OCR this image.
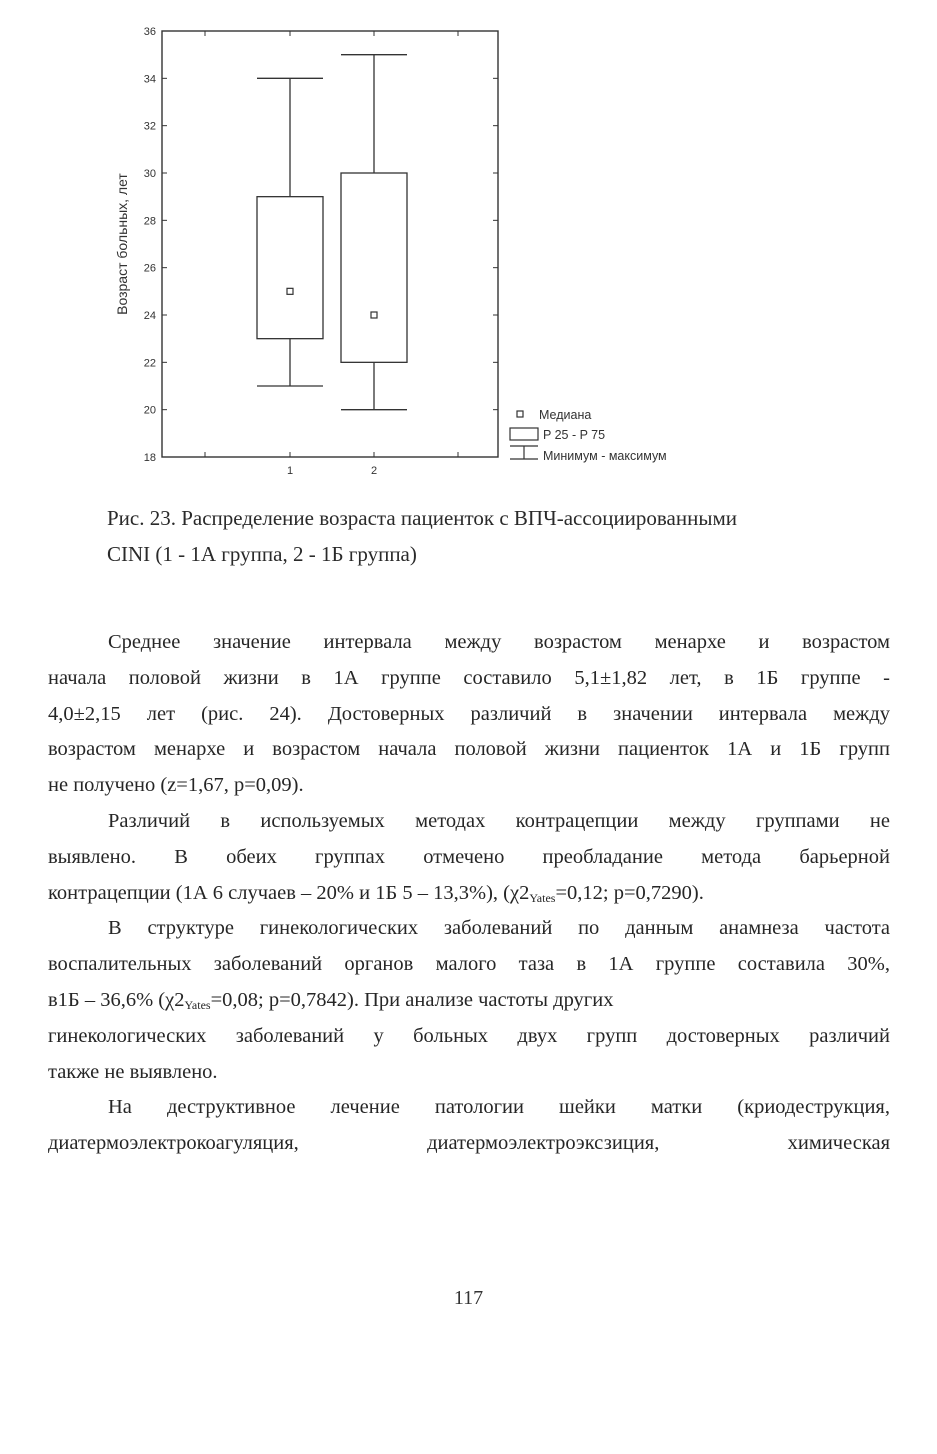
18
20
22
24
26
28
30
32
34
36
1	2
Возраст больных, лет
Медиана
P 25 - P 75
Минимум - максимум
Рис. 23. Распределение возраста пациенток с ВПЧ-ассоциированными
CINI (1 - 1А группа, 2 - 1Б группа)
Среднее значение интервала между возрастом менархе и возрастом
начала половой жизни в 1А группе составило 5,1±1,82 лет, в 1Б группе -
4,0±2,15 лет (рис. 24). Достоверных различий в значении интервала между
возрастом менархе и возрастом начала половой жизни пациенток 1А и 1Б групп
не получено (z=1,67, p=0,09).
Различий в используемых методах контрацепции между группами не
выявлено. В обеих группах отмечено преобладание метода барьерной
контрацепции (1А 6 случаев – 20% и 1Б 5 – 13,3%), ($\chi 2_{Yates}=0,12$; p=0,7290).
В структуре гинекологических заболеваний по данным анамнеза частота
воспалительных заболеваний органов малого таза в 1А группе составила 30%,
в1Б – 36,6% ($\chi 2_{Yates}=0,08$; p=0,7842). При анализе частоты других
гинекологических заболеваний у больных двух групп достоверных различий
также не выявлено.
На деструктивное лечение патологии шейки матки (криодеструкция,
диатермоэлектрокоагуляция, диатермоэлектроэксзиция, химическая
117
